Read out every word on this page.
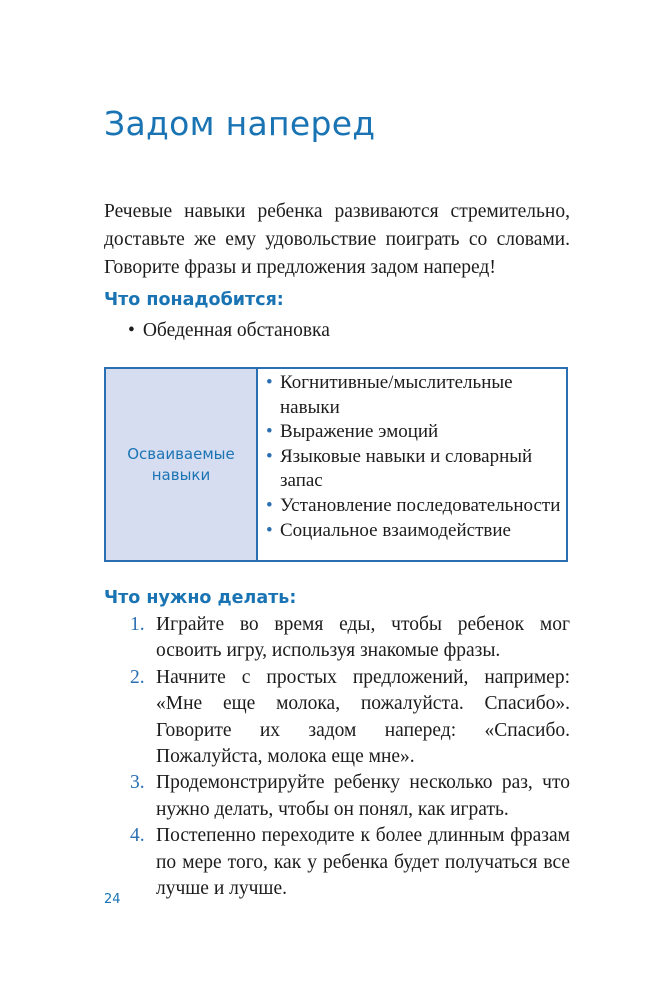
Задом наперед

Речевые навыки ребенка развиваются стремительно, доставьте же ему удовольствие поиграть со словами. Говорите фразы и предложения задом наперед!

Что понадобится:
• Обеденная обстановка
Осваиваемые навыки
• Когнитивные/мыслительные навыки
• Выражение эмоций
• Языковые навыки и словарный запас
• Установление последовательности
• Социальное взаимодействие
Что нужно делать:
1. Играйте во время еды, чтобы ребенок мог освоить игру, используя знакомые фразы.
2. Начните с простых предложений, например: «Мне еще молока, пожалуйста. Спасибо». Говорите их задом наперед: «Спасибо. Пожалуйста, молока еще мне».
3. Продемонстрируйте ребенку несколько раз, что нужно делать, чтобы он понял, как играть.
4. Постепенно переходите к более длинным фразам по мере того, как у ребенка будет получаться все лучше и лучше.
24
